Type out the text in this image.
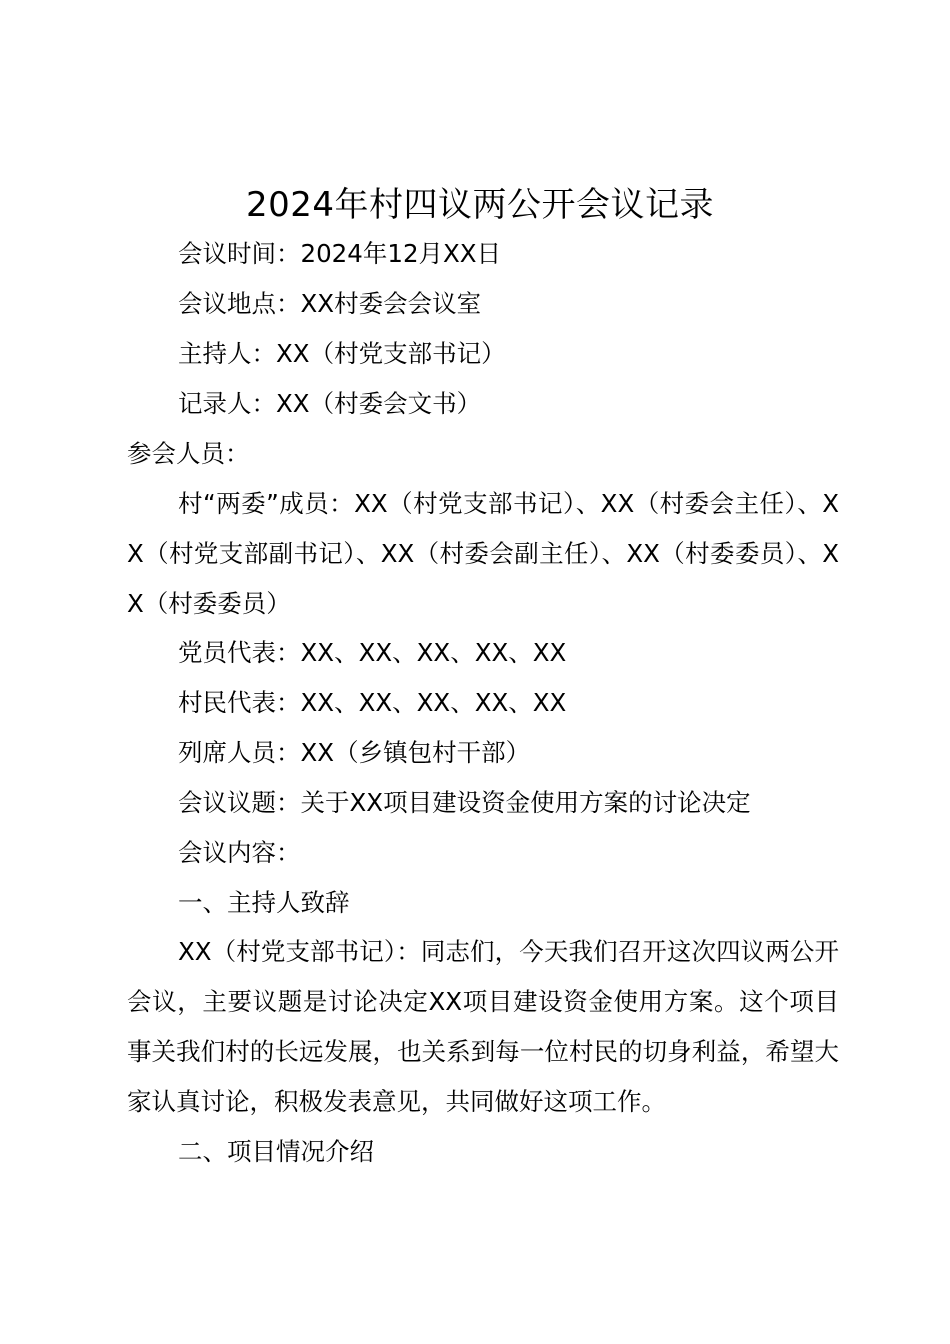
2024年村四议两公开会议记录
会议时间：2024年12月XX日
会议地点：XX村委会会议室
主持人：XX（村党支部书记）
记录人：XX（村委会文书）
参会人员：

村“两委”成员：XX（村党支部书记）、XX（村委会主任）、XX（村党支部副书记）、XX（村委会副主任）、XX（村委委员）、XX（村委委员）

党员代表：XX、XX、XX、XX、XX
村民代表：XX、XX、XX、XX、XX
列席人员：XX（乡镇包村干部）
会议议题：关于XX项目建设资金使用方案的讨论决定
会议内容：
一、主持人致辞

XX（村党支部书记）：同志们，今天我们召开这次四议两公开会议，主要议题是讨论决定XX项目建设资金使用方案。这个项目事关我们村的长远发展，也关系到每一位村民的切身利益，希望大家认真讨论，积极发表意见，共同做好这项工作。

二、项目情况介绍
